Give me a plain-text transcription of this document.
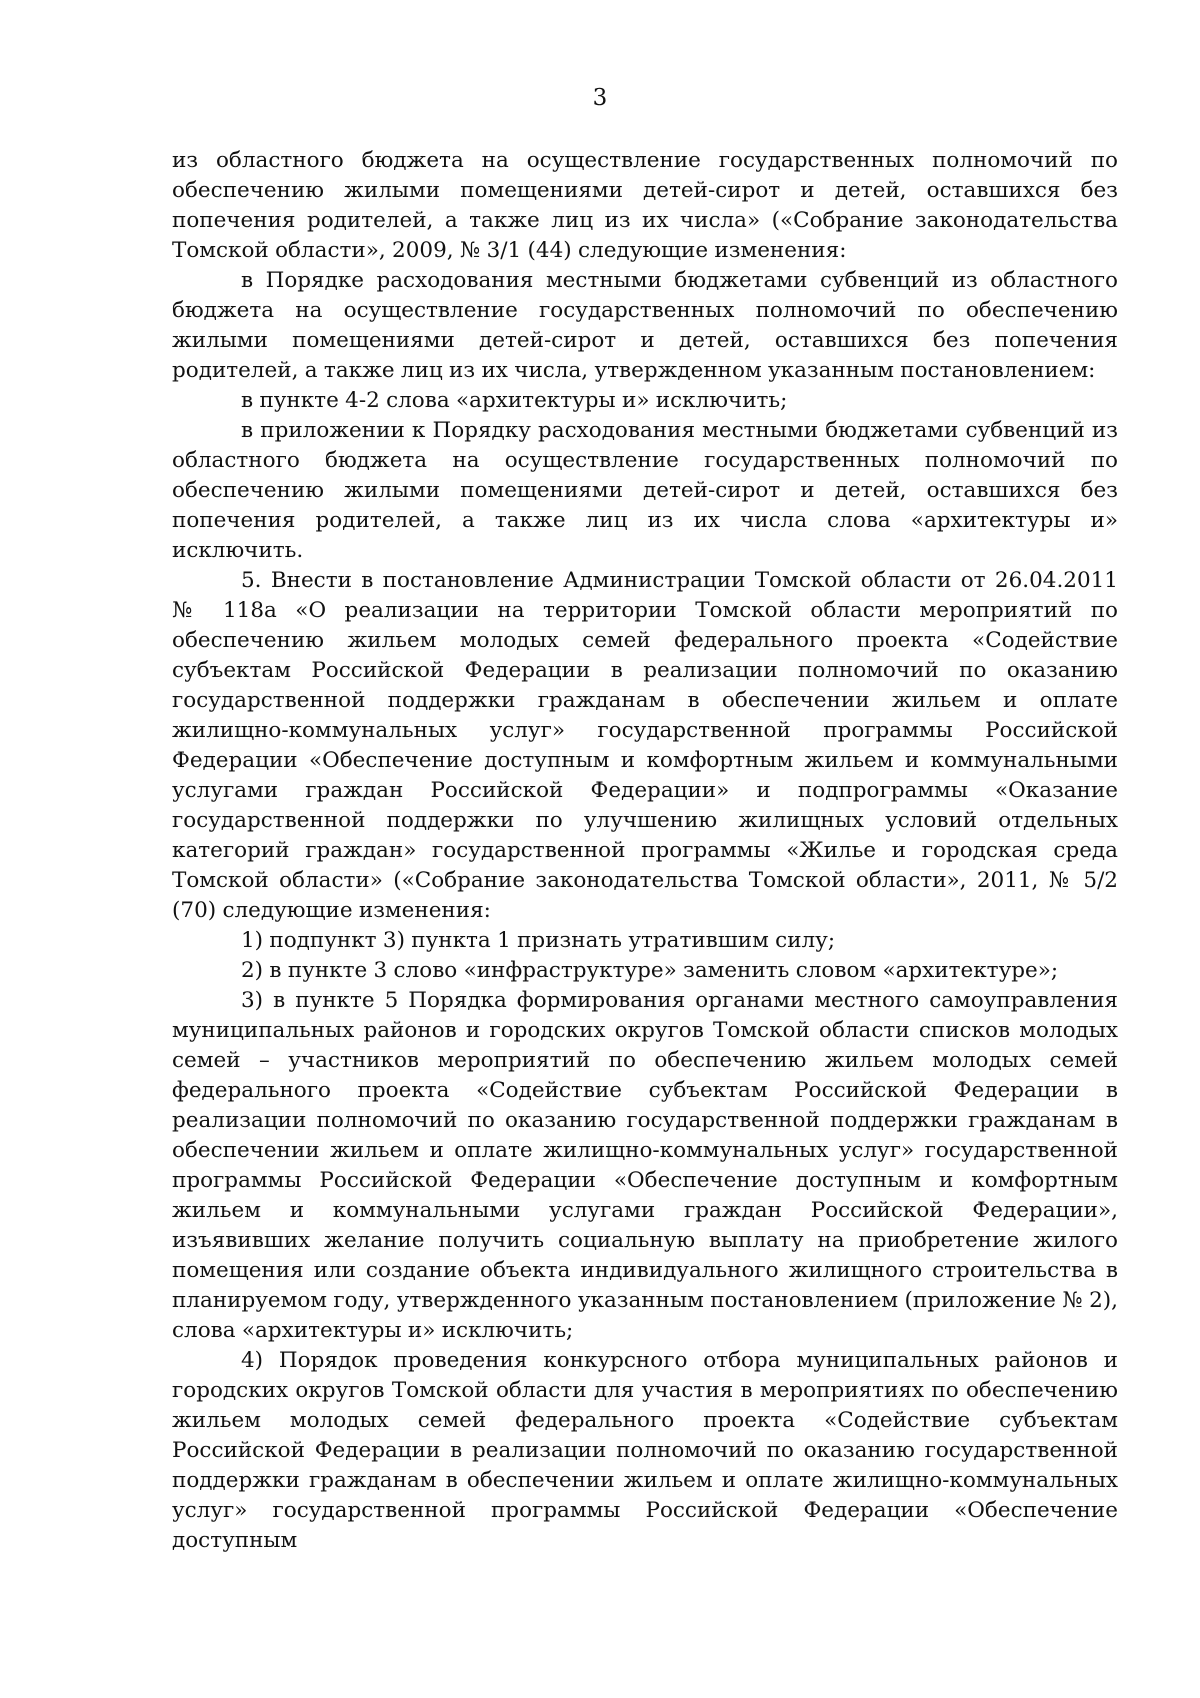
3

из областного бюджета на осуществление государственных полномочий по обеспечению жилыми помещениями детей-сирот и детей, оставшихся без попечения родителей, а также лиц из их числа» («Собрание законодательства Томской области», 2009, № 3/1 (44) следующие изменения:

в Порядке расходования местными бюджетами субвенций из областного бюджета на осуществление государственных полномочий по обеспечению жилыми помещениями детей-сирот и детей, оставшихся без попечения родителей, а также лиц из их числа, утвержденном указанным постановлением:

в пункте 4-2 слова «архитектуры и» исключить;

в приложении к Порядку расходования местными бюджетами субвенций из областного бюджета на осуществление государственных полномочий по обеспечению жилыми помещениями детей-сирот и детей, оставшихся без попечения родителей, а также лиц из их числа слова «архитектуры и» исключить.

5. Внести в постановление Администрации Томской области от 26.04.2011 № 118а «О реализации на территории Томской области мероприятий по обеспечению жильем молодых семей федерального проекта «Содействие субъектам Российской Федерации в реализации полномочий по оказанию государственной поддержки гражданам в обеспечении жильем и оплате жилищно-коммунальных услуг» государственной программы Российской Федерации «Обеспечение доступным и комфортным жильем и коммунальными услугами граждан Российской Федерации» и подпрограммы «Оказание государственной поддержки по улучшению жилищных условий отдельных категорий граждан» государственной программы «Жилье и городская среда Томской области» («Собрание законодательства Томской области», 2011, № 5/2 (70) следующие изменения:

1) подпункт 3) пункта 1 признать утратившим силу;

2) в пункте 3 слово «инфраструктуре» заменить словом «архитектуре»;

3) в пункте 5 Порядка формирования органами местного самоуправления муниципальных районов и городских округов Томской области списков молодых семей – участников мероприятий по обеспечению жильем молодых семей федерального проекта «Содействие субъектам Российской Федерации в реализации полномочий по оказанию государственной поддержки гражданам в обеспечении жильем и оплате жилищно-коммунальных услуг» государственной программы Российской Федерации «Обеспечение доступным и комфортным жильем и коммунальными услугами граждан Российской Федерации», изъявивших желание получить социальную выплату на приобретение жилого помещения или создание объекта индивидуального жилищного строительства в планируемом году, утвержденного указанным постановлением (приложение № 2), слова «архитектуры и» исключить;

4) Порядок проведения конкурсного отбора муниципальных районов и городских округов Томской области для участия в мероприятиях по обеспечению жильем молодых семей федерального проекта «Содействие субъектам Российской Федерации в реализации полномочий по оказанию государственной поддержки гражданам в обеспечении жильем и оплате жилищно-коммунальных услуг» государственной программы Российской Федерации «Обеспечение доступным
